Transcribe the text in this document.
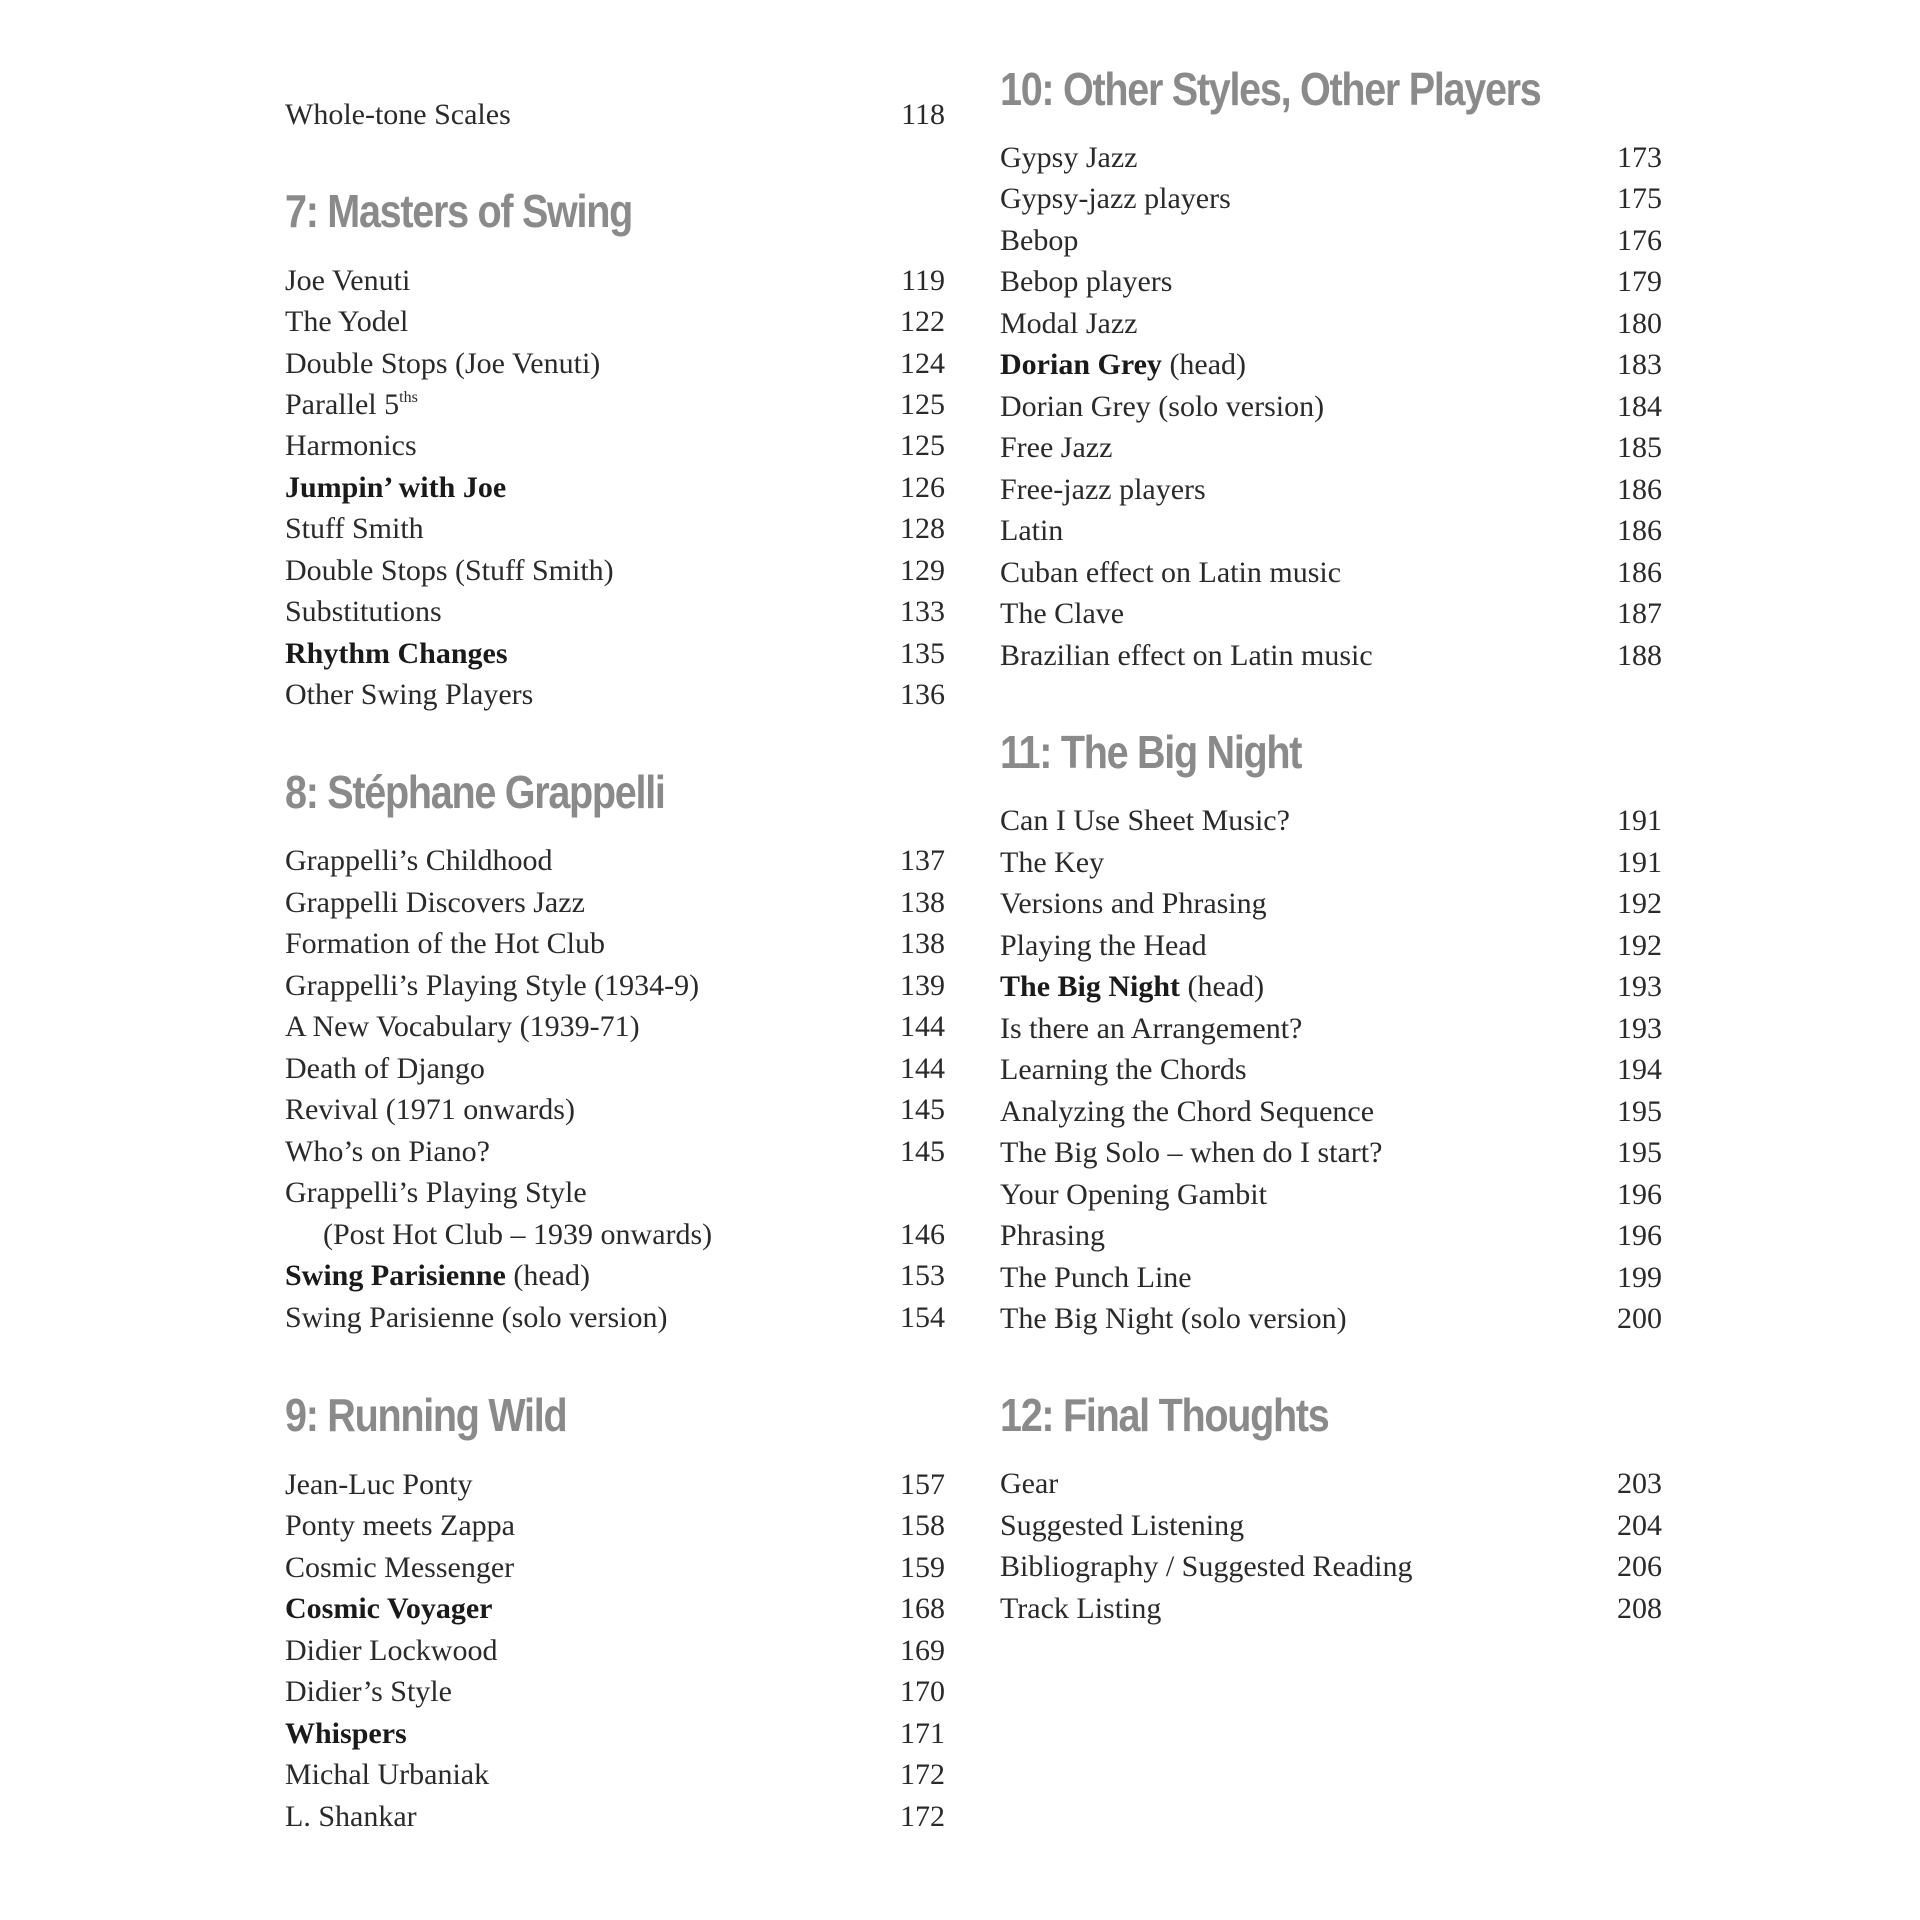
Whole-tone Scales	118
7: Masters of Swing
Joe Venuti	119
The Yodel	122
Double Stops (Joe Venuti)	124
Parallel $5^{ths}$	125
Harmonics	125
Jumpin’ with Joe	126
Stuff Smith	128
Double Stops (Stuff Smith)	129
Substitutions	133
Rhythm Changes	135
Other Swing Players	136
8: Stéphane Grappelli
Grappelli’s Childhood	137
Grappelli Discovers Jazz	138
Formation of the Hot Club	138
Grappelli’s Playing Style (1934-9)	139
A New Vocabulary (1939-71)	144
Death of Django	144
Revival (1971 onwards)	145
Who’s on Piano?	145
Grappelli’s Playing Style
(Post Hot Club – 1939 onwards)	146
Swing Parisienne (head)	153
Swing Parisienne (solo version)	154
9: Running Wild
Jean-Luc Ponty	157
Ponty meets Zappa	158
Cosmic Messenger	159
Cosmic Voyager	168
Didier Lockwood	169
Didier’s Style	170
Whispers	171
Michal Urbaniak	172
L. Shankar	172
10: Other Styles, Other Players
Gypsy Jazz	173
Gypsy-jazz players	175
Bebop	176
Bebop players	179
Modal Jazz	180
Dorian Grey (head)	183
Dorian Grey (solo version)	184
Free Jazz	185
Free-jazz players	186
Latin	186
Cuban effect on Latin music	186
The Clave	187
Brazilian effect on Latin music	188
11: The Big Night
Can I Use Sheet Music?	191
The Key	191
Versions and Phrasing	192
Playing the Head	192
The Big Night (head)	193
Is there an Arrangement?	193
Learning the Chords	194
Analyzing the Chord Sequence	195
The Big Solo – when do I start?	195
Your Opening Gambit	196
Phrasing	196
The Punch Line	199
The Big Night (solo version)	200
12: Final Thoughts
Gear	203
Suggested Listening	204
Bibliography / Suggested Reading	206
Track Listing	208
